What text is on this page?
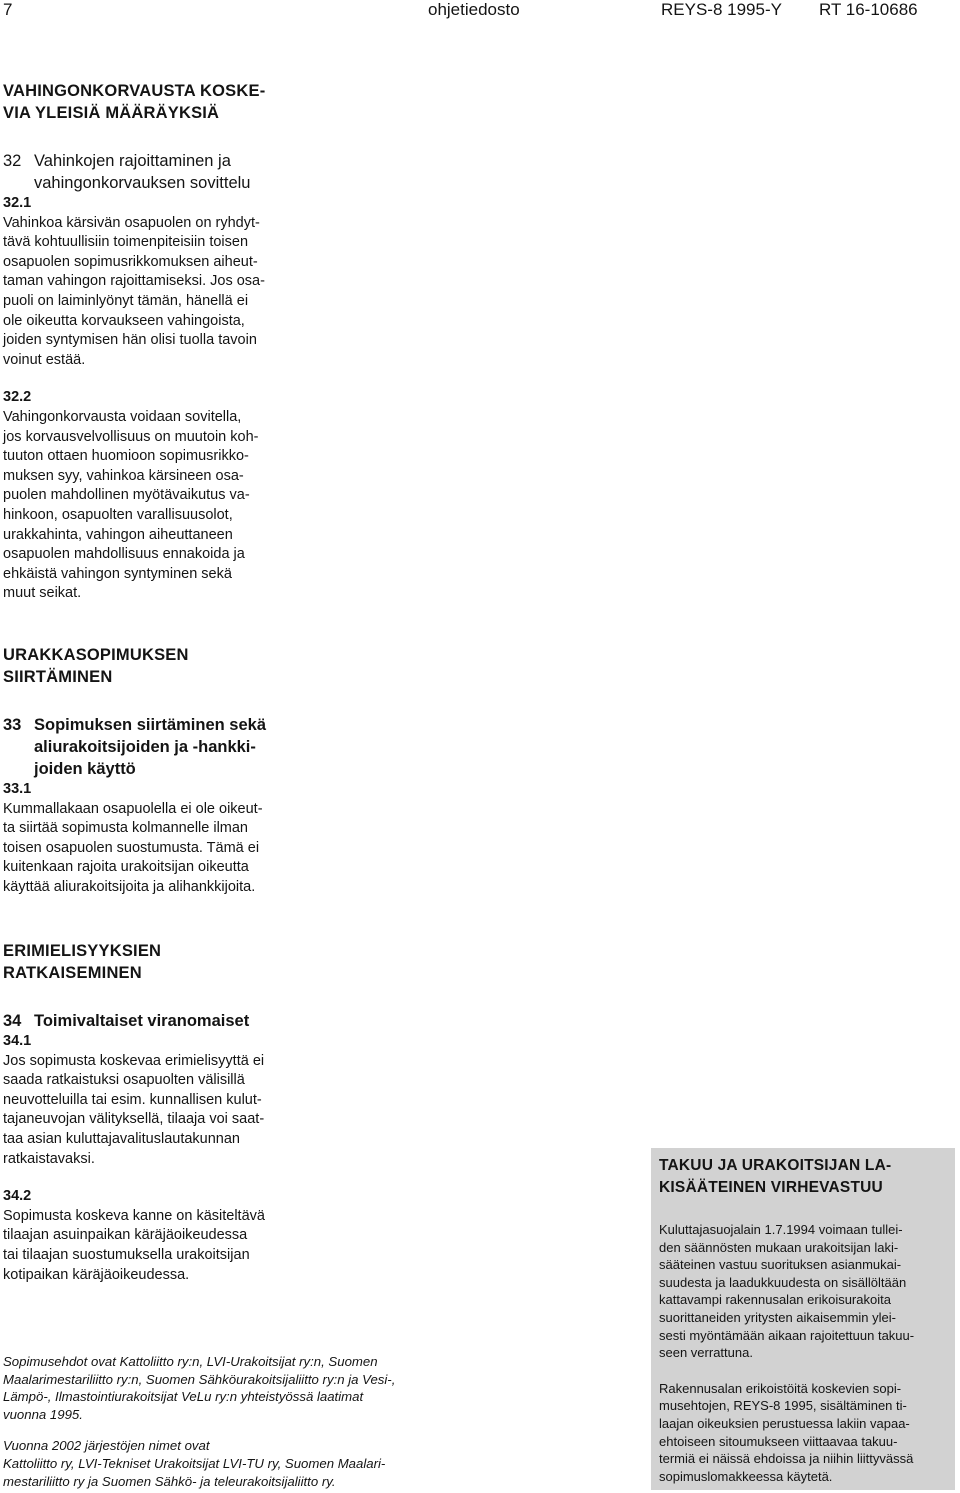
7	ohjetiedosto	REYS-8 1995-Y RT 16-10686

VAHINGONKORVAUSTA KOSKE-

VIA YLEISIÄ MÄÄRÄYKSIÄ

32 Vahinkojen rajoittaminen ja
vahingonkorvauksen sovittelu

32.1

Vahinkoa kärsivän osapuolen on ryhdyt-

tävä kohtuullisiin toimenpiteisiin toisen

osapuolen sopimusrikkomuksen aiheut-

taman vahingon rajoittamiseksi. Jos osa-

puoli on laiminlyönyt tämän, hänellä ei

ole oikeutta korvaukseen vahingoista,

joiden syntymisen hän olisi tuolla tavoin

voinut estää.

32.2

Vahingonkorvausta voidaan sovitella,

jos korvausvelvollisuus on muutoin koh-

tuuton ottaen huomioon sopimusrikko-

muksen syy, vahinkoa kärsineen osa-

puolen mahdollinen myötävaikutus va-

hinkoon, osapuolten varallisuusolot,

urakkahinta, vahingon aiheuttaneen

osapuolen mahdollisuus ennakoida ja

ehkäistä vahingon syntyminen sekä

muut seikat.

URAKKASOPIMUKSEN

SIIRTÄMINEN

33 Sopimuksen siirtäminen sekä
aliurakoitsijoiden ja -hankki-
joiden käyttö

33.1

Kummallakaan osapuolella ei ole oikeut-

ta siirtää sopimusta kolmannelle ilman

toisen osapuolen suostumusta. Tämä ei

kuitenkaan rajoita urakoitsijan oikeutta

käyttää aliurakoitsijoita ja alihankkijoita.

ERIMIELISYYKSIEN

RATKAISEMINEN

34 Toimivaltaiset viranomaiset

34.1

Jos sopimusta koskevaa erimielisyyttä ei

saada ratkaistuksi osapuolten välisillä

neuvotteluilla tai esim. kunnallisen kulut-

tajaneuvojan välityksellä, tilaaja voi saat-

taa asian kuluttajavalituslautakunnan

ratkaistavaksi.

34.2

Sopimusta koskeva kanne on käsiteltävä

tilaajan asuinpaikan käräjäoikeudessa

tai tilaajan suostumuksella urakoitsijan

kotipaikan käräjäoikeudessa.

Sopimusehdot ovat Kattoliitto ry:n, LVI-Urakoitsijat ry:n, Suomen

Maalarimestariliitto ry:n, Suomen Sähköurakoitsijaliitto ry:n ja Vesi-,

Lämpö-, Ilmastointiurakoitsijat VeLu ry:n yhteistyössä laatimat

vuonna 1995.

Vuonna 2002 järjestöjen nimet ovat

Kattoliitto ry, LVI-Tekniset Urakoitsijat LVI-TU ry, Suomen Maalari-

mestariliitto ry ja Suomen Sähkö- ja teleurakoitsijaliitto ry.

TAKUU JA URAKOITSIJAN LA-

KISÄÄTEINEN VIRHEVASTUU

Kuluttajasuojalain 1.7.1994 voimaan tullei-

den säännösten mukaan urakoitsijan laki-

sääteinen vastuu suorituksen asianmukai-

suudesta ja laadukkuudesta on sisällöltään

kattavampi rakennusalan erikoisurakoita

suorittaneiden yritysten aikaisemmin ylei-

sesti myöntämään aikaan rajoitettuun takuu-

seen verrattuna.

Rakennusalan erikoistöitä koskevien sopi-

musehtojen, REYS-8 1995, sisältäminen ti-

laajan oikeuksien perustuessa lakiin vapaa-

ehtoiseen sitoumukseen viittaavaa takuu-

termiä ei näissä ehdoissa ja niihin liittyvässä

sopimuslomakkeessa käytetä.
